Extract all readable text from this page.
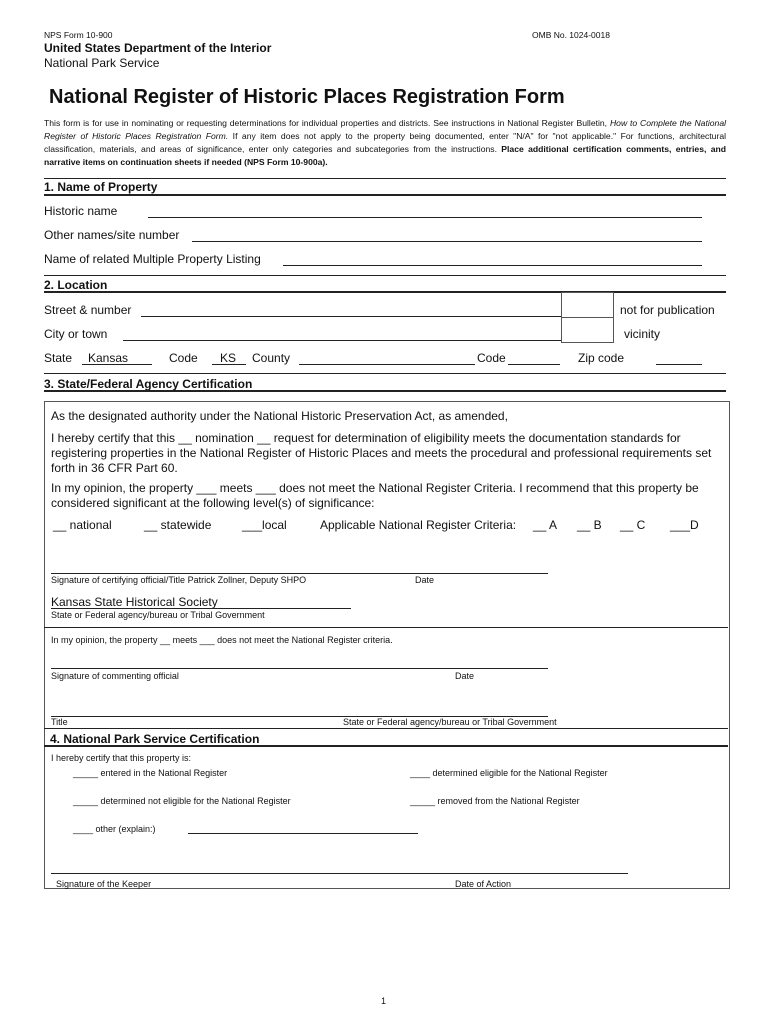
NPS Form 10-900	OMB No. 1024-0018
United States Department of the Interior
National Park Service
National Register of Historic Places Registration Form
This form is for use in nominating or requesting determinations for individual properties and districts. See instructions in National Register Bulletin, How to Complete the National Register of Historic Places Registration Form. If any item does not apply to the property being documented, enter "N/A" for "not applicable." For functions, architectural classification, materials, and areas of significance, enter only categories and subcategories from the instructions. Place additional certification comments, entries, and narrative items on continuation sheets if needed (NPS Form 10-900a).
1. Name of Property
Historic name
Other names/site number
Name of related Multiple Property Listing
2. Location
Street & number	not for publication
City or town	vicinity
State Kansas	Code KS County	Code	Zip code
3. State/Federal Agency Certification
As the designated authority under the National Historic Preservation Act, as amended,
I hereby certify that this __ nomination __ request for determination of eligibility meets the documentation standards for registering properties in the National Register of Historic Places and meets the procedural and professional requirements set forth in 36 CFR Part 60.
In my opinion, the property ___ meets ___ does not meet the National Register Criteria. I recommend that this property be considered significant at the following level(s) of significance:
__ national	__ statewide	___local	Applicable National Register Criteria: __ A __ B __ C ___D
Signature of certifying official/Title Patrick Zollner, Deputy SHPO	Date
Kansas State Historical Society
State or Federal agency/bureau or Tribal Government
In my opinion, the property __ meets ___ does not meet the National Register criteria.
Signature of commenting official	Date
Title	State or Federal agency/bureau or Tribal Government
4. National Park Service Certification
I hereby certify that this property is:
_____ entered in the National Register	____ determined eligible for the National Register
_____ determined not eligible for the National Register	_____ removed from the National Register
____ other (explain:)
Signature of the Keeper	Date of Action
1
